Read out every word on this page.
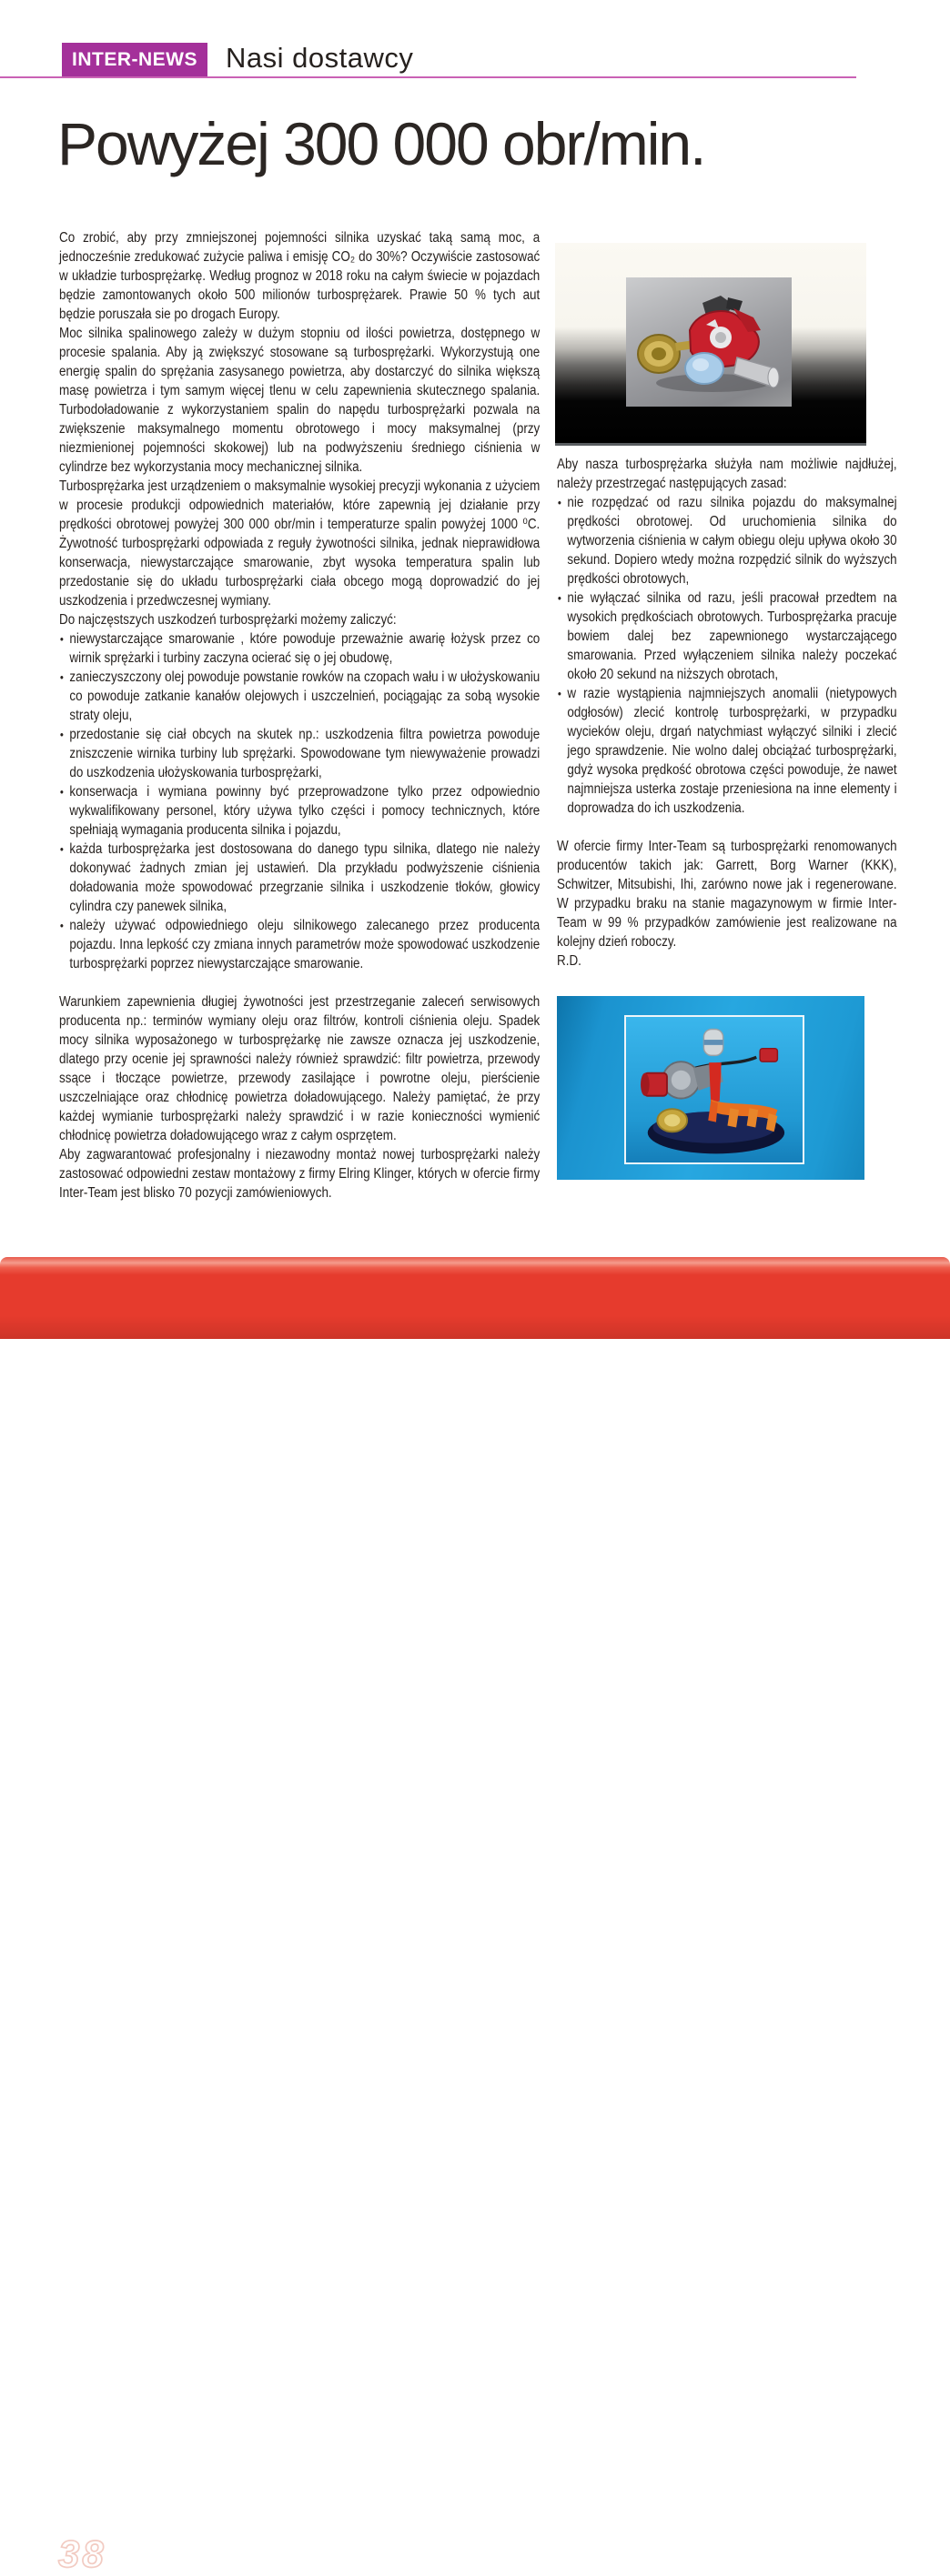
INTER-NEWS	Nasi dostawcy
Powyżej 300 000 obr/min.

Co zrobić, aby przy zmniejszonej pojemności silnika uzyskać taką samą moc, a jednocześnie zredukować zużycie paliwa i emisję CO₂ do 30%? Oczywiście zastosować w układzie turbosprężarkę. Według prognoz w 2018 roku na całym świecie w pojazdach będzie zamontowanych około 500 milionów turbosprężarek. Prawie 50 % tych aut będzie poruszała sie po drogach Europy.

Moc silnika spalinowego zależy w dużym stopniu od ilości powietrza, dostępnego w procesie spalania. Aby ją zwiększyć stosowane są turbosprężarki. Wykorzystują one energię spalin do sprężania zasysanego powietrza, aby dostarczyć do silnika większą masę powietrza i tym samym więcej tlenu w celu zapewnienia skutecznego spalania. Turbodoładowanie z wykorzystaniem spalin do napędu turbosprężarki pozwala na zwiększenie maksymalnego momentu obrotowego i mocy maksymalnej (przy niezmienionej pojemności skokowej) lub na podwyższeniu średniego ciśnienia w cylindrze bez wykorzystania mocy mechanicznej silnika.

Turbosprężarka jest urządzeniem o maksymalnie wysokiej precyzji wykonania z użyciem w procesie produkcji odpowiednich materiałów, które zapewnią jej działanie przy prędkości obrotowej powyżej 300 000 obr/min i temperaturze spalin powyżej 1000 ⁰C. Żywotność turbosprężarki odpowiada z reguły żywotności silnika, jednak nieprawidłowa konserwacja, niewystarczające smarowanie, zbyt wysoka temperatura spalin lub przedostanie się do układu turbosprężarki ciała obcego mogą doprowadzić do jej uszkodzenia i przedwczesnej wymiany.

Do najczęstszych uszkodzeń turbosprężarki możemy zaliczyć:

• niewystarczające smarowanie , które powoduje przeważnie awarię łożysk przez co wirnik sprężarki i turbiny zaczyna ocierać się o jej obudowę,
• zanieczyszczony olej powoduje powstanie rowków na czopach wału i w ułożyskowaniu co powoduje zatkanie kanałów olejowych i uszczelnień, pociągając za sobą wysokie straty oleju,
• przedostanie się ciał obcych na skutek np.: uszkodzenia filtra powietrza powoduje zniszczenie wirnika turbiny lub sprężarki. Spowodowane tym niewyważenie prowadzi do uszkodzenia ułożyskowania turbosprężarki,
• konserwacja i wymiana powinny być przeprowadzone tylko przez odpowiednio wykwalifikowany personel, który używa tylko części i pomocy technicznych, które spełniają wymagania producenta silnika i pojazdu,
• każda turbosprężarka jest dostosowana do danego typu silnika, dlatego nie należy dokonywać żadnych zmian jej ustawień. Dla przykładu podwyższenie ciśnienia doładowania może spowodować przegrzanie silnika i uszkodzenie tłoków, głowicy cylindra czy panewek silnika,
• należy używać odpowiedniego oleju silnikowego zalecanego przez producenta pojazdu. Inna lepkość czy zmiana innych parametrów może spowodować uszkodzenie turbosprężarki poprzez niewystarczające smarowanie.

Warunkiem zapewnienia długiej żywotności jest przestrzeganie zaleceń serwisowych producenta np.: terminów wymiany oleju oraz filtrów, kontroli ciśnienia oleju. Spadek mocy silnika wyposażonego w turbosprężarkę nie zawsze oznacza jej uszkodzenie, dlatego przy ocenie jej sprawności należy również sprawdzić: filtr powietrza, przewody ssące i tłoczące powietrze, przewody zasilające i powrotne oleju, pierścienie uszczelniające oraz chłodnicę powietrza doładowującego. Należy pamiętać, że przy każdej wymianie turbosprężarki należy sprawdzić i w razie konieczności wymienić chłodnicę powietrza doładowującego wraz z całym osprzętem.

Aby zagwarantować profesjonalny i niezawodny montaż nowej turbosprężarki należy zastosować odpowiedni zestaw montażowy z firmy Elring Klinger, których w ofercie firmy Inter-Team jest blisko 70 pozycji zamówieniowych.

Aby nasza turbosprężarka służyła nam możliwie najdłużej, należy przestrzegać następujących zasad:

• nie rozpędzać od razu silnika pojazdu do maksymalnej prędkości obrotowej. Od uruchomienia silnika do wytworzenia ciśnienia w całym obiegu oleju upływa około 30 sekund. Dopiero wtedy można rozpędzić silnik do wyższych prędkości obrotowych,
• nie wyłączać silnika od razu, jeśli pracował przedtem na wysokich prędkościach obrotowych. Turbosprężarka pracuje bowiem dalej bez zapewnionego wystarczającego smarowania. Przed wyłączeniem silnika należy poczekać około 20 sekund na niższych obrotach,
• w razie wystąpienia najmniejszych anomalii (nietypowych odgłosów) zlecić kontrolę turbosprężarki, w przypadku wycieków oleju, drgań natychmiast wyłączyć silniki i zlecić jego sprawdzenie. Nie wolno dalej obciążać turbosprężarki, gdyż wysoka prędkość obrotowa części powoduje, że nawet najmniejsza usterka zostaje przeniesiona na inne elementy i doprowadza do ich uszkodzenia.

W ofercie firmy Inter-Team są turbosprężarki renomowanych producentów takich jak: Garrett, Borg Warner (KKK), Schwitzer, Mitsubishi, Ihi, zarówno nowe jak i regenerowane. W przypadku braku na stanie magazynowym w firmie Inter-Team w 99 % przypadków zamówienie jest realizowane na kolejny dzień roboczy.

R.D.

38
